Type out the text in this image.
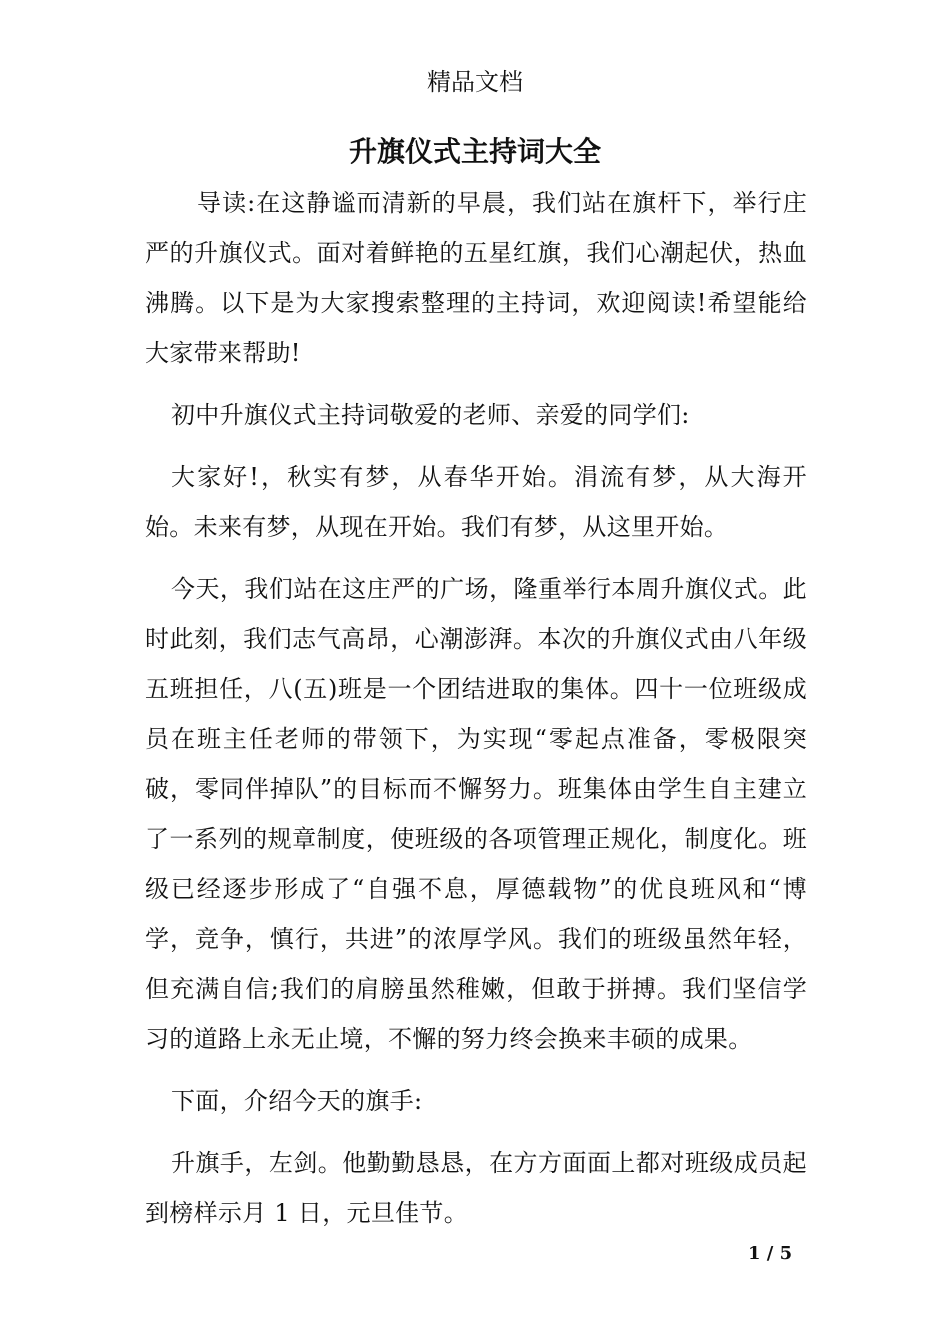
精品文档
升旗仪式主持词大全

导读:在这静谧而清新的早晨，我们站在旗杆下，举行庄严的升旗仪式。面对着鲜艳的五星红旗，我们心潮起伏，热血沸腾。以下是为大家搜索整理的主持词，欢迎阅读!希望能给大家带来帮助!

初中升旗仪式主持词敬爱的老师、亲爱的同学们:

大家好!，秋实有梦，从春华开始。涓流有梦，从大海开始。未来有梦，从现在开始。我们有梦，从这里开始。

今天，我们站在这庄严的广场，隆重举行本周升旗仪式。此时此刻，我们志气高昂，心潮澎湃。本次的升旗仪式由八年级五班担任，八(五)班是一个团结进取的集体。四十一位班级成员在班主任老师的带领下，为实现“零起点准备，零极限突破，零同伴掉队”的目标而不懈努力。班集体由学生自主建立了一系列的规章制度，使班级的各项管理正规化，制度化。班级已经逐步形成了“自强不息，厚德载物”的优良班风和“博学，竞争，慎行，共进”的浓厚学风。我们的班级虽然年轻，但充满自信;我们的肩膀虽然稚嫩，但敢于拼搏。我们坚信学习的道路上永无止境，不懈的努力终会换来丰硕的成果。

下面，介绍今天的旗手:

升旗手，左剑。他勤勤恳恳，在方方面面上都对班级成员起到榜样示月 1 日，元旦佳节。

1 / 5
